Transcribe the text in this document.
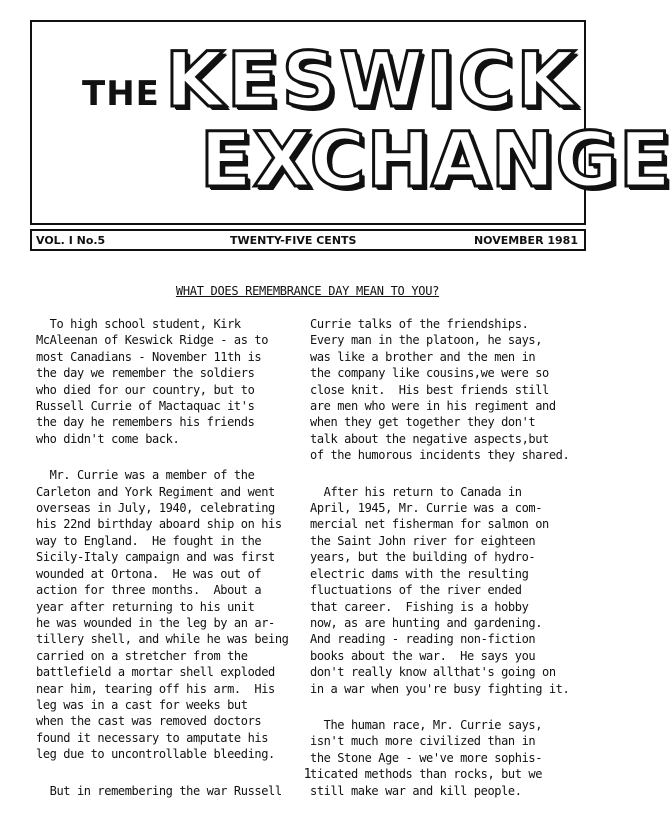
THE KESWICK
EXCHANGE
VOL. I No.5	TWENTY-FIVE CENTS	NOVEMBER 1981
WHAT DOES REMEMBRANCE DAY MEAN TO YOU?

To high school student, Kirk
McAleenan of Keswick Ridge - as to
most Canadians - November 11th is
the day we remember the soldiers
who died for our country, but to
Russell Currie of Mactaquac it's
the day he remembers his friends
who didn't come back.

Mr. Currie was a member of the
Carleton and York Regiment and went
overseas in July, 1940, celebrating
his 22nd birthday aboard ship on his
way to England.  He fought in the
Sicily-Italy campaign and was first
wounded at Ortona.  He was out of
action for three months.  About a
year after returning to his unit
he was wounded in the leg by an ar-
tillery shell, and while he was being
carried on a stretcher from the
battlefield a mortar shell exploded
near him, tearing off his arm.  His
leg was in a cast for weeks but
when the cast was removed doctors
found it necessary to amputate his
leg due to uncontrollable bleeding.

But in remembering the war Russell

Currie talks of the friendships.
Every man in the platoon, he says,
was like a brother and the men in
the company like cousins,we were so
close knit.  His best friends still
are men who were in his regiment and
when they get together they don't
talk about the negative aspects,but
of the humorous incidents they shared.

After his return to Canada in
April, 1945, Mr. Currie was a com-
mercial net fisherman for salmon on
the Saint John river for eighteen
years, but the building of hydro-
electric dams with the resulting
fluctuations of the river ended
that career.  Fishing is a hobby
now, as are hunting and gardening.
And reading - reading non-fiction
books about the war.  He says you
don't really know allthat's going on
in a war when you're busy fighting it.

The human race, Mr. Currie says,
isn't much more civilized than in
the Stone Age - we've more sophis-
ticated methods than rocks, but we
still make war and kill people.

1
